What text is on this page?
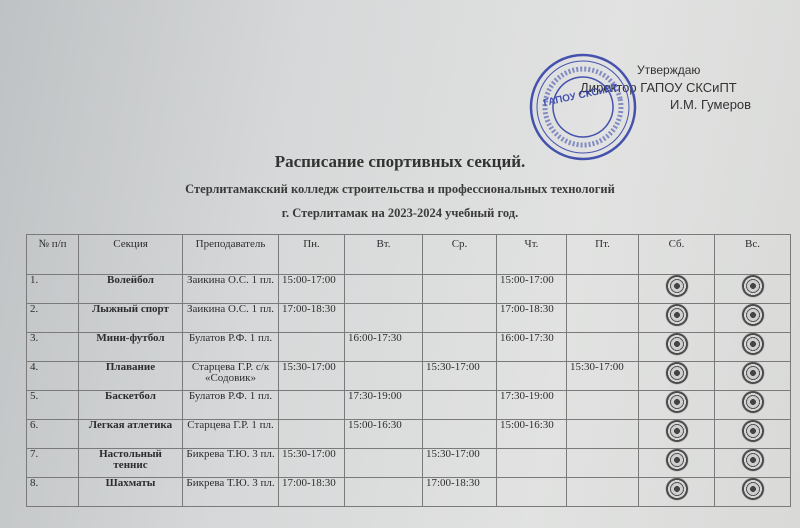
Утверждаю
Директор ГАПОУ СКСиПТ
И.М. Гумеров
ГАПОУ СКСиПТ
Расписание спортивных секций.
Стерлитамакский колледж строительства и профессиональных технологий
г. Стерлитамак на 2023-2024 учебный год.
№ п/п	Секция	Преподаватель	Пн.	Вт.	Ср.	Чт.	Пт.	Сб.	Вс.
1.	Волейбол	Заикина О.С. 1 пл.	15:00-17:00			15:00-17:00			
2.	Лыжный спорт	Заикина О.С. 1 пл.	17:00-18:30			17:00-18:30			
3.	Мини-футбол	Булатов Р.Ф. 1 пл.		16:00-17:30		16:00-17:30			
4.	Плавание	Старцева Г.Р. с/к «Содовик»	15:30-17:00		15:30-17:00		15:30-17:00		
5.	Баскетбол	Булатов Р.Ф. 1 пл.		17:30-19:00		17:30-19:00			
6.	Легкая атлетика	Старцева Г.Р. 1 пл.		15:00-16:30		15:00-16:30			
7.	Настольный теннис	Бикрева Т.Ю. 3 пл.	15:30-17:00		15:30-17:00				
8.	Шахматы	Бикрева Т.Ю. 3 пл.	17:00-18:30		17:00-18:30				
